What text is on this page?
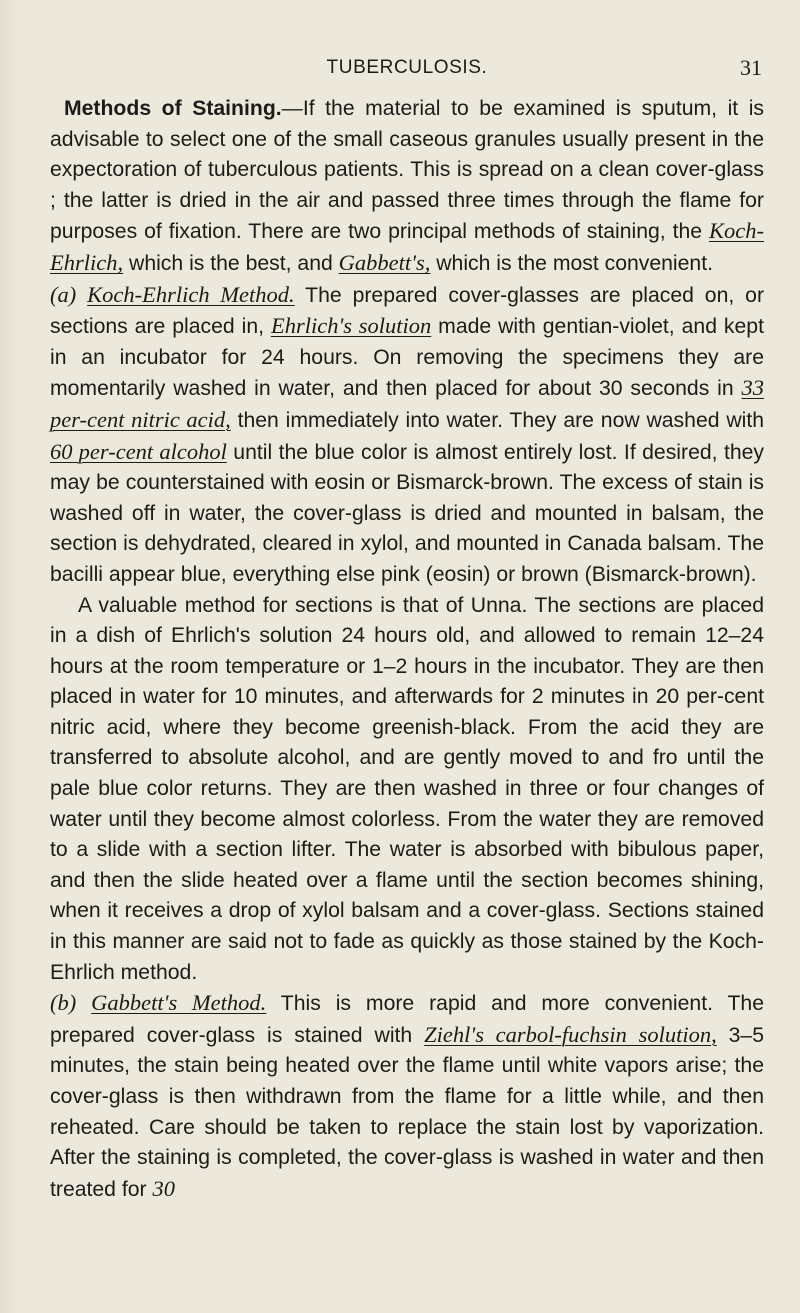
TUBERCULOSIS.	31

Methods of Staining.—If the material to be examined is sputum, it is advisable to select one of the small caseous granules usually present in the expectoration of tuberculous patients. This is spread on a clean cover-glass ; the latter is dried in the air and passed three times through the flame for purposes of fixation. There are two principal methods of staining, the Koch-Ehrlich, which is the best, and Gabbett's, which is the most convenient.

(a) Koch-Ehrlich Method. The prepared cover-glasses are placed on, or sections are placed in, Ehrlich's solution made with gentian-violet, and kept in an incubator for 24 hours. On removing the specimens they are momentarily washed in water, and then placed for about 30 seconds in 33 per-cent nitric acid, then immediately into water. They are now washed with 60 per-cent alcohol until the blue color is almost entirely lost. If desired, they may be counterstained with eosin or Bismarck-brown. The excess of stain is washed off in water, the cover-glass is dried and mounted in balsam, the section is dehydrated, cleared in xylol, and mounted in Canada balsam. The bacilli appear blue, everything else pink (eosin) or brown (Bismarck-brown).

A valuable method for sections is that of Unna. The sections are placed in a dish of Ehrlich's solution 24 hours old, and allowed to remain 12–24 hours at the room temperature or 1–2 hours in the incubator. They are then placed in water for 10 minutes, and afterwards for 2 minutes in 20 per-cent nitric acid, where they become greenish-black. From the acid they are transferred to absolute alcohol, and are gently moved to and fro until the pale blue color returns. They are then washed in three or four changes of water until they become almost colorless. From the water they are removed to a slide with a section lifter. The water is absorbed with bibulous paper, and then the slide heated over a flame until the section becomes shining, when it receives a drop of xylol balsam and a cover-glass. Sections stained in this manner are said not to fade as quickly as those stained by the Koch-Ehrlich method.

(b) Gabbett's Method. This is more rapid and more convenient. The prepared cover-glass is stained with Ziehl's carbol-fuchsin solution, 3–5 minutes, the stain being heated over the flame until white vapors arise; the cover-glass is then withdrawn from the flame for a little while, and then reheated. Care should be taken to replace the stain lost by vaporization. After the staining is completed, the cover-glass is washed in water and then treated for 30
